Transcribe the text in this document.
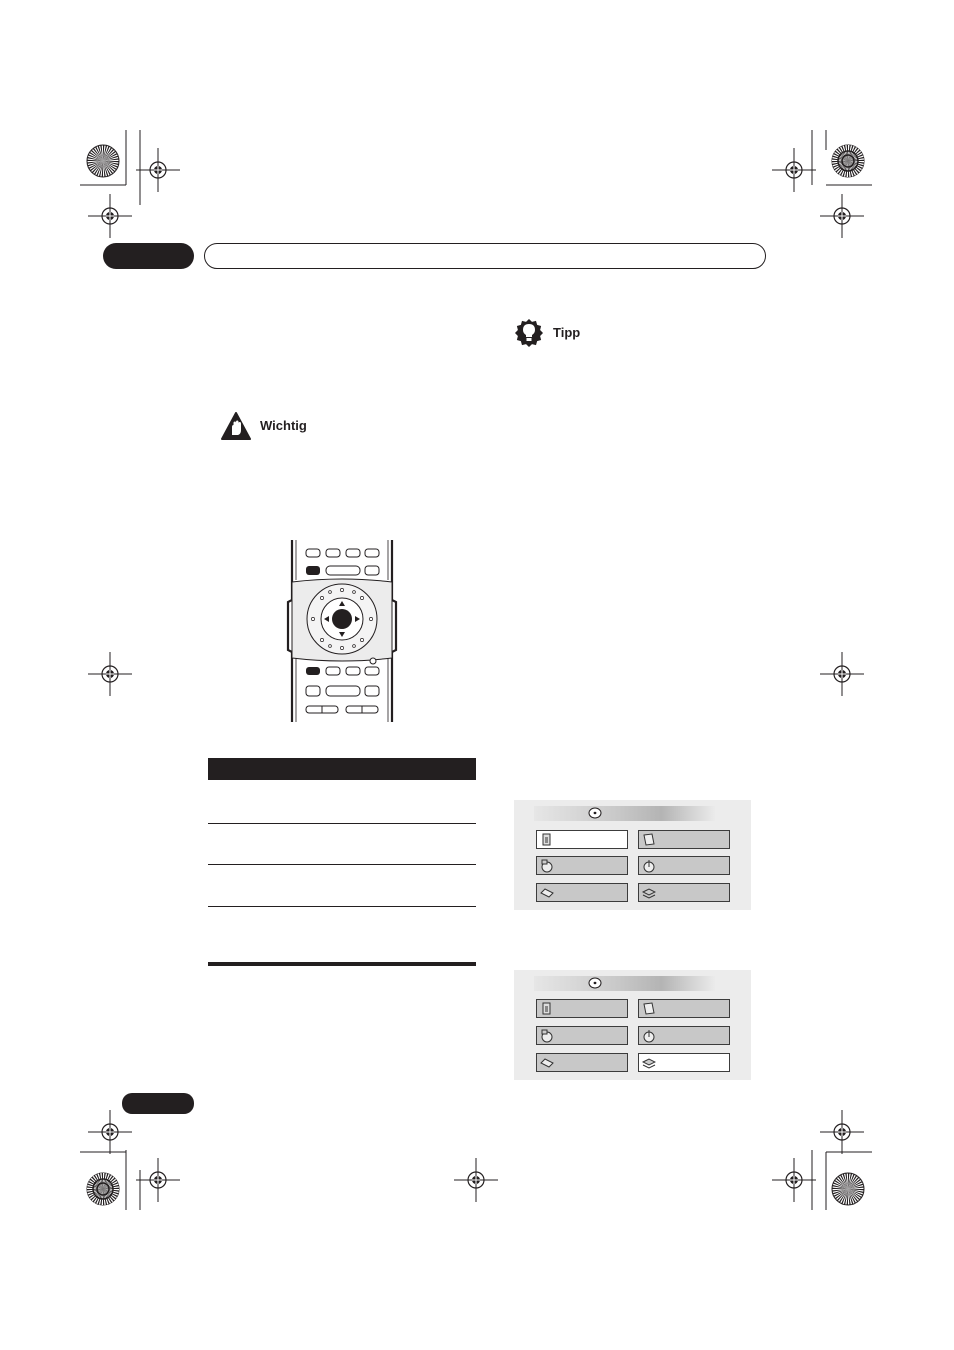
Wichtig
Tipp
